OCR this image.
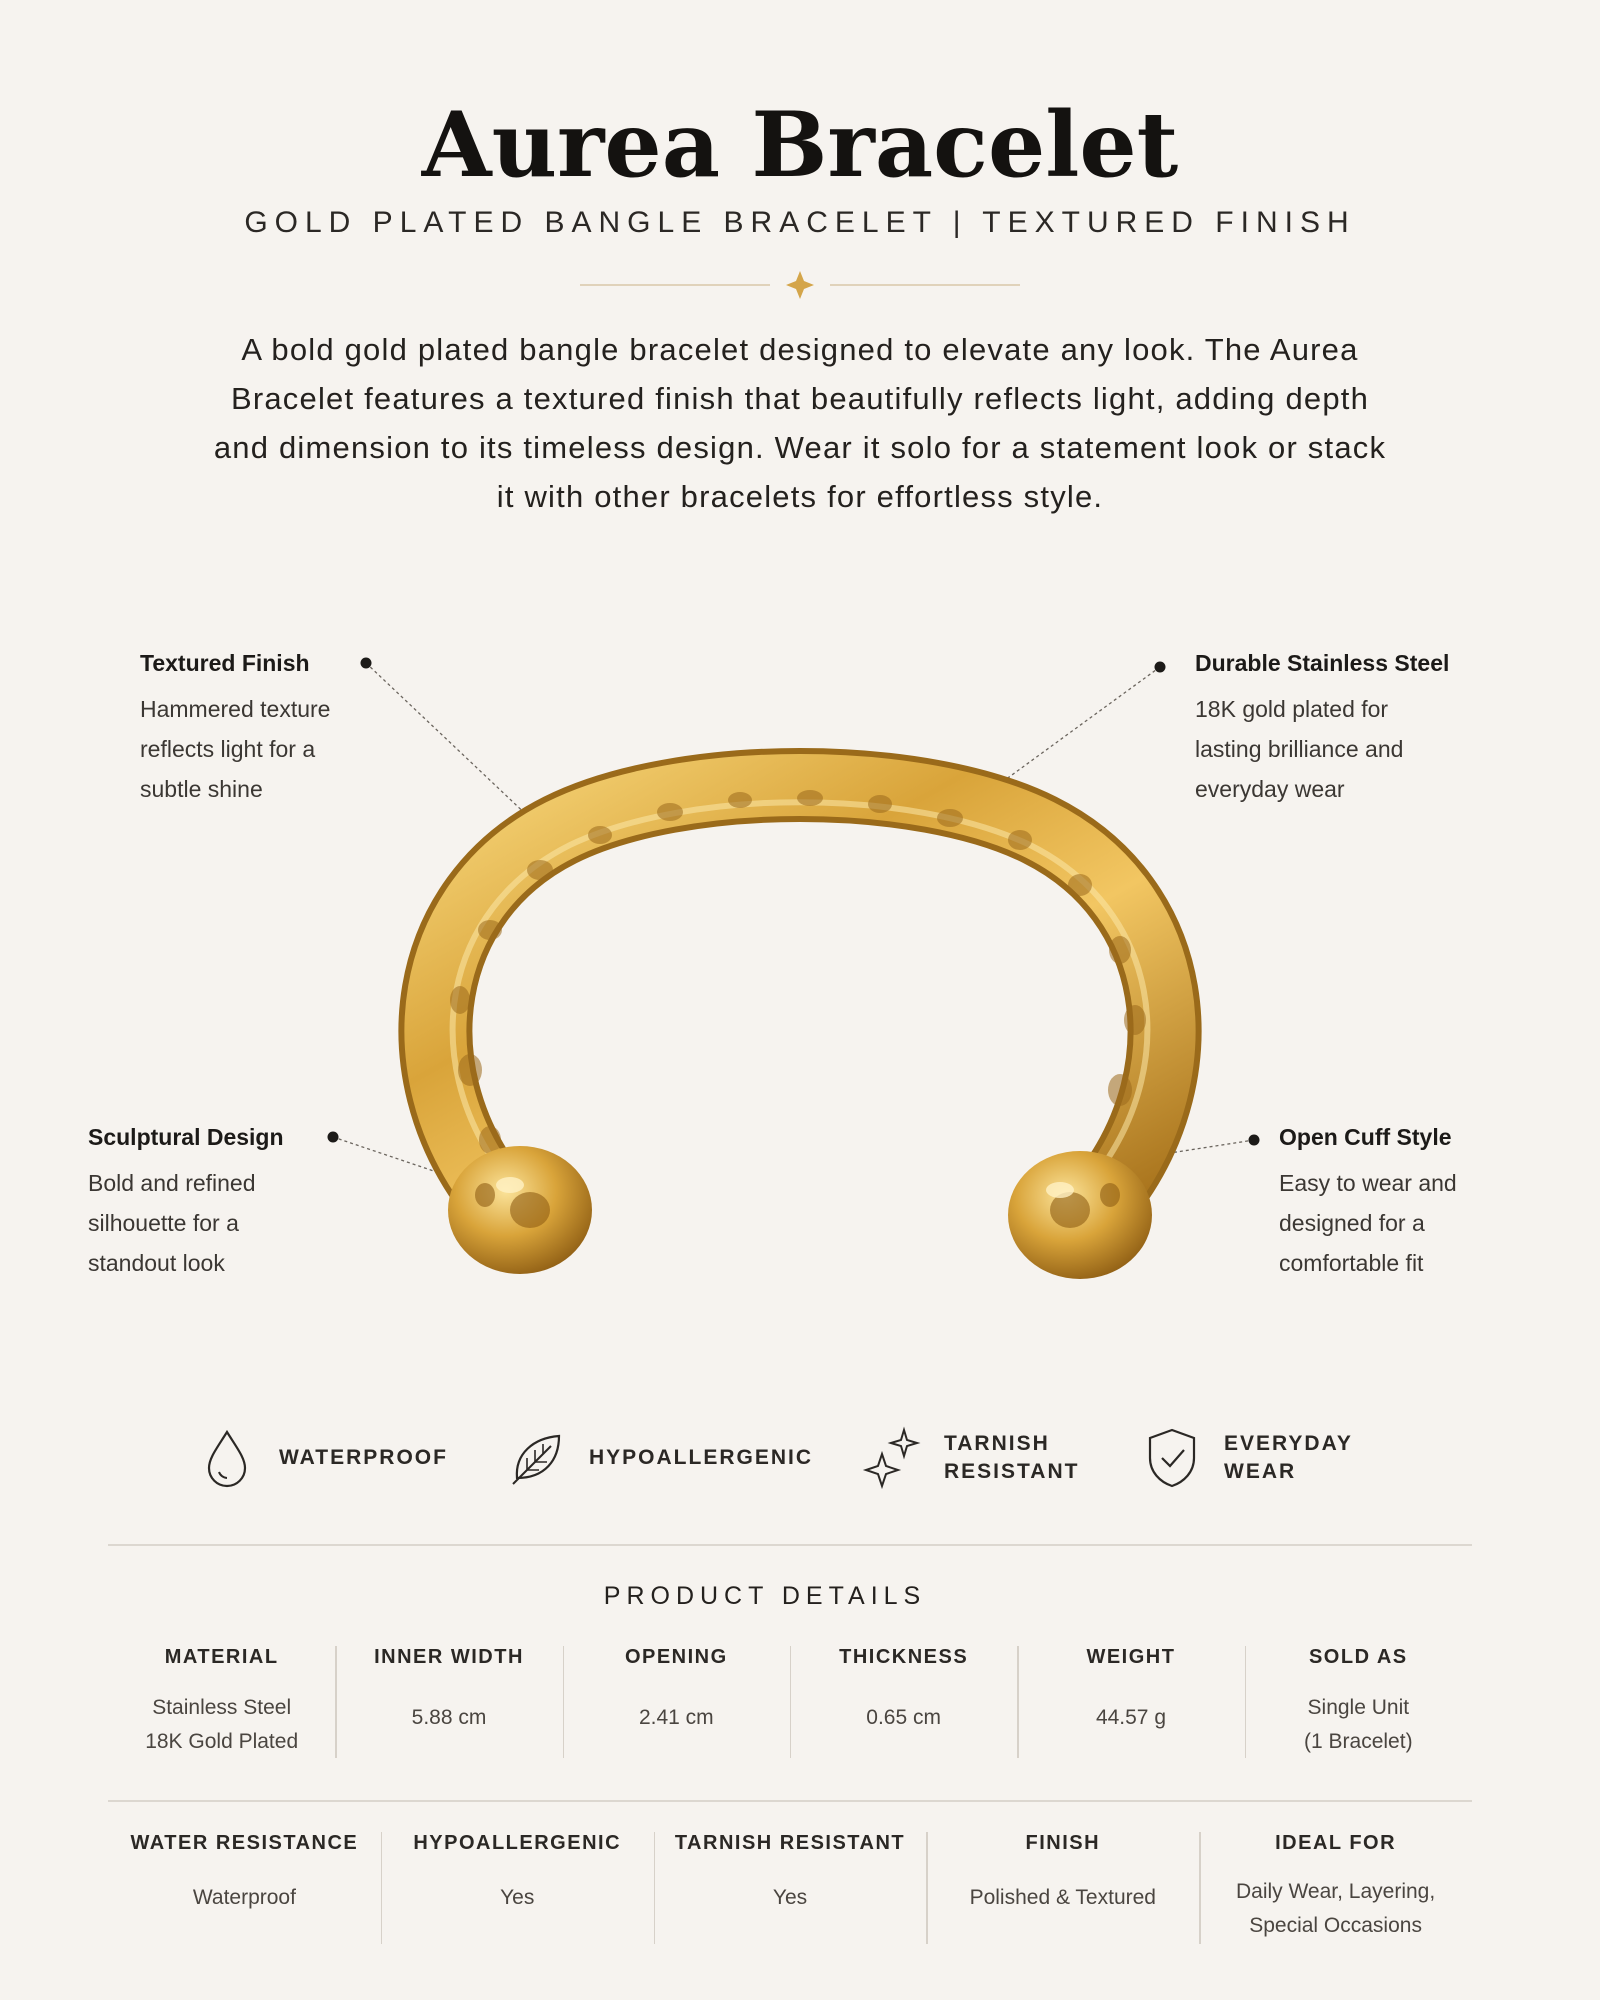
Aurea Bracelet
GOLD PLATED BANGLE BRACELET | TEXTURED FINISH

A bold gold plated bangle bracelet designed to elevate any look. The Aurea Bracelet features a textured finish that beautifully reflects light, adding depth and dimension to its timeless design. Wear it solo for a statement look or stack it with other bracelets for effortless style.

Textured Finish
Hammered texture
reflects light for a
subtle shine
Durable Stainless Steel
18K gold plated for
lasting brilliance and
everyday wear
Sculptural Design
Bold and refined
silhouette for a
standout look
Open Cuff Style
Easy to wear and
designed for a
comfortable fit
WATERPROOF	HYPOALLERGENIC
TARNISH
RESISTANT
EVERYDAY
WEAR
PRODUCT DETAILS
MATERIAL
Stainless Steel
18K Gold Plated
INNER WIDTH
5.88 cm
OPENING
2.41 cm
THICKNESS
0.65 cm
WEIGHT
44.57 g
SOLD AS
Single Unit
(1 Bracelet)
WATER RESISTANCE
Waterproof
HYPOALLERGENIC
Yes
TARNISH RESISTANT
Yes
FINISH
Polished & Textured
IDEAL FOR
Daily Wear, Layering,
Special Occasions
